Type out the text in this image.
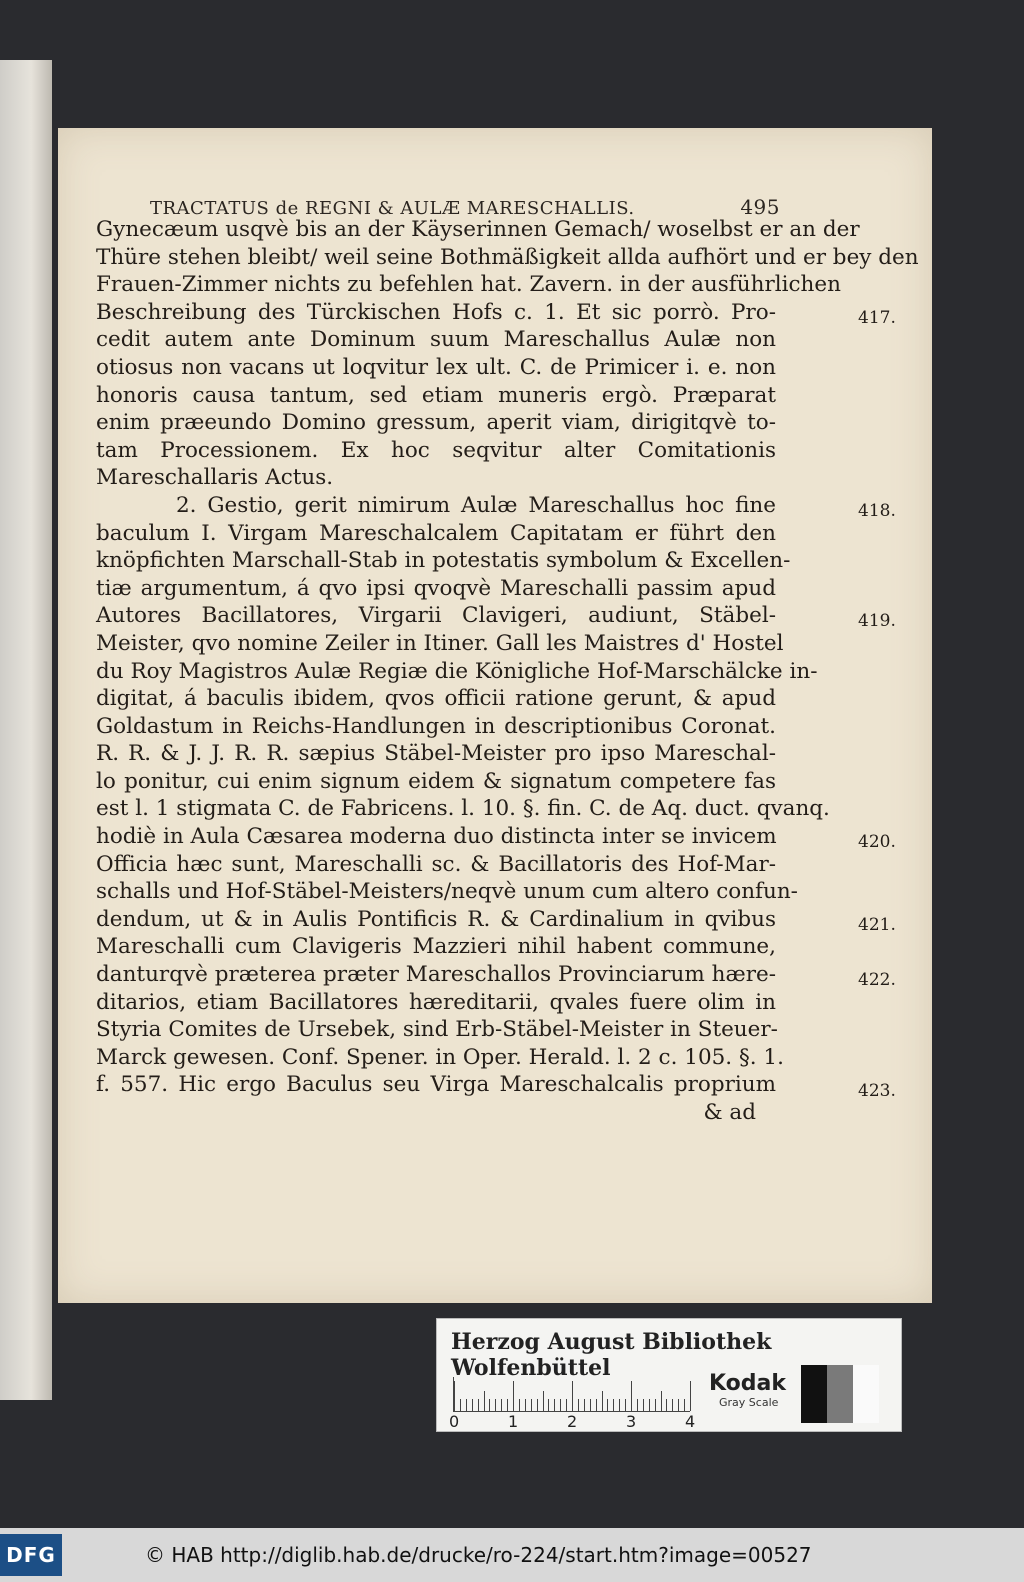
TRACTATUS de REGNI & AULÆ MARESCHALLIS.	495
417.
418.
419.
420.
421.
422.
423.
Gynecæum usqvè bis an der Käyserinnen Gemach/ woselbst er an der
Thüre stehen bleibt/ weil seine Bothmäßigkeit allda aufhört und er bey den
Frauen-Zimmer nichts zu befehlen hat. Zavern. in der ausführlichen
Beschreibung des Türckischen Hofs c. 1. Et sic porrò. Pro-
cedit autem ante Dominum suum Mareschallus Aulæ non
otiosus non vacans ut loqvitur lex ult. C. de Primicer i. e. non
honoris causa tantum, sed etiam muneris ergò. Præparat
enim præeundo Domino gressum, aperit viam, dirigitqvè to-
tam Processionem. Ex hoc seqvitur alter Comitationis
Mareschallaris Actus.
2. Gestio, gerit nimirum Aulæ Mareschallus hoc fine
baculum I. Virgam Mareschalcalem Capitatam er führt den
knöpfichten Marschall-Stab in potestatis symbolum & Excellen-
tiæ argumentum, á qvo ipsi qvoqvè Mareschalli passim apud
Autores Bacillatores, Virgarii Clavigeri, audiunt, Stäbel-
Meister, qvo nomine Zeiler in Itiner. Gall les Maistres d' Hostel
du Roy Magistros Aulæ Regiæ die Königliche Hof-Marschälcke in-
digitat, á baculis ibidem, qvos officii ratione gerunt, & apud
Goldastum in Reichs-Handlungen in descriptionibus Coronat.
R. R. & J. J. R. R. sæpius Stäbel-Meister pro ipso Mareschal-
lo ponitur, cui enim signum eidem & signatum competere fas
est l. 1 stigmata C. de Fabricens. l. 10. §. fin. C. de Aq. duct. qvanq.
hodiè in Aula Cæsarea moderna duo distincta inter se invicem
Officia hæc sunt, Mareschalli sc. & Bacillatoris des Hof-Mar-
schalls und Hof-Stäbel-Meisters/neqvè unum cum altero confun-
dendum, ut & in Aulis Pontificis R. & Cardinalium in qvibus
Mareschalli cum Clavigeris Mazzieri nihil habent commune,
danturqvè præterea præter Mareschallos Provinciarum hære-
ditarios, etiam Bacillatores hæreditarii, qvales fuere olim in
Styria Comites de Ursebek, sind Erb-Stäbel-Meister in Steuer-
Marck gewesen. Conf. Spener. in Oper. Herald. l. 2 c. 105. §. 1.
f. 557. Hic ergo Baculus seu Virga Mareschalcalis proprium
& ad
Herzog August Bibliothek Wolfenbüttel
0	1	2	3	4
Kodak
Gray Scale
DFG	© HAB http://diglib.hab.de/drucke/ro-224/start.htm?image=00527
